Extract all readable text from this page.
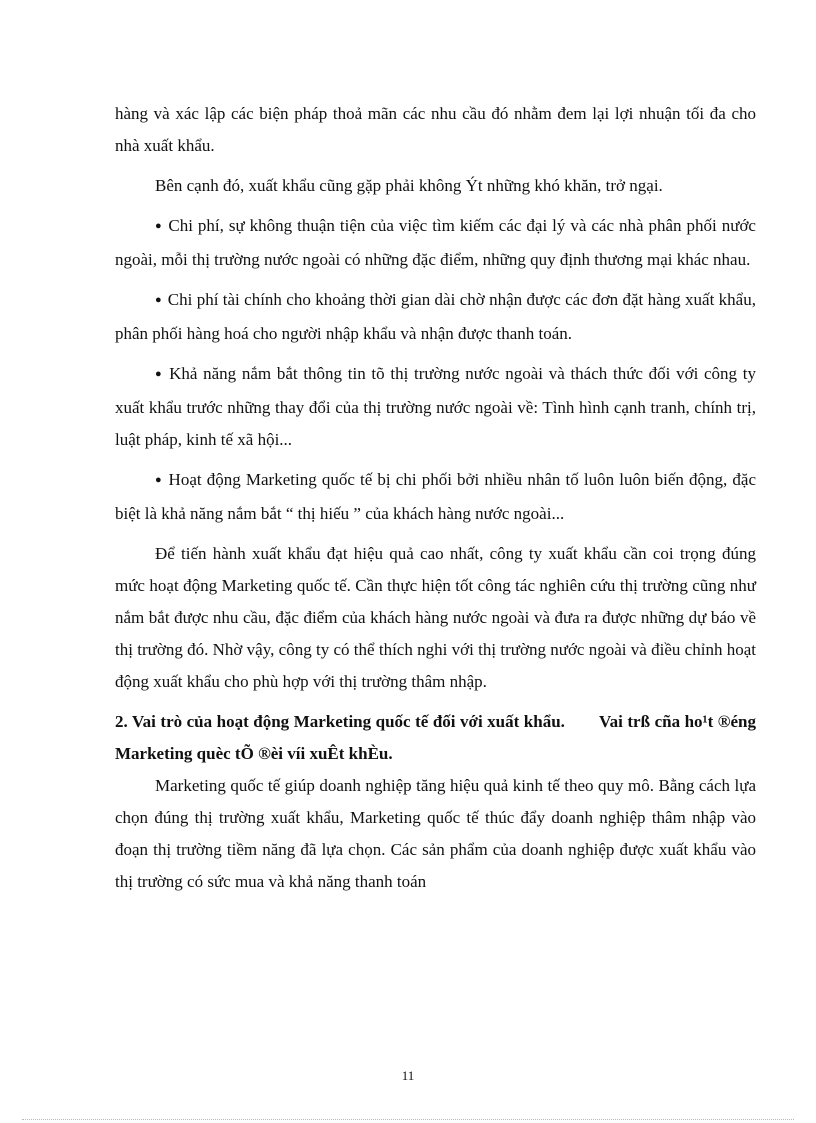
hàng và xác lập các biện pháp thoả mãn các nhu cầu đó nhằm đem lại lợi nhuận tối đa cho nhà xuất khẩu.

Bên cạnh đó, xuất khẩu cũng gặp phải không Ýt những khó khăn, trở ngại.

● Chi phí, sự không thuận tiện của việc tìm kiếm các đại lý và các nhà phân phối nước ngoài, mỗi thị trường nước ngoài có những đặc điểm, những quy định thương mại khác nhau.

● Chi phí tài chính cho khoảng thời gian dài chờ nhận được các đơn đặt hàng xuất khẩu, phân phối hàng hoá cho người nhập khẩu và nhận được thanh toán.

● Khả năng nắm bắt thông tin tõ thị trường nước ngoài và thách thức đối với công ty xuất khẩu trước những thay đổi của thị trường nước ngoài về: Tình hình cạnh tranh, chính trị, luật pháp, kinh tế xã hội...

● Hoạt động Marketing quốc tế bị chi phối bởi nhiều nhân tố luôn luôn biến động, đặc biệt là khả năng nắm bắt “ thị hiếu ” của khách hàng nước ngoài...

Để tiến hành xuất khẩu đạt hiệu quả cao nhất, công ty xuất khẩu cần coi trọng đúng mức hoạt động Marketing quốc tế. Cần thực hiện tốt công tác nghiên cứu thị trường cũng như nắm bắt được nhu cầu, đặc điểm của khách hàng nước ngoài và đưa ra được những dự báo về thị trường đó. Nhờ vậy, công ty có thể thích nghi với thị trường nước ngoài và điều chỉnh hoạt động xuất khẩu cho phù hợp với thị trường thâm nhập.

2. Vai trò của hoạt động Marketing quốc tế đối với xuất khẩu. Vai trß cña ho¹t ®éng Marketing quèc tÕ ®èi víi xuÊt khÈu.

Marketing quốc tế giúp doanh nghiệp tăng hiệu quả kinh tế theo quy mô. Bằng cách lựa chọn đúng thị trường xuất khẩu, Marketing quốc tế thúc đẩy doanh nghiệp thâm nhập vào đoạn thị trường tiềm năng đã lựa chọn. Các sản phẩm của doanh nghiệp được xuất khẩu vào thị trường có sức mua và khả năng thanh toán

11
